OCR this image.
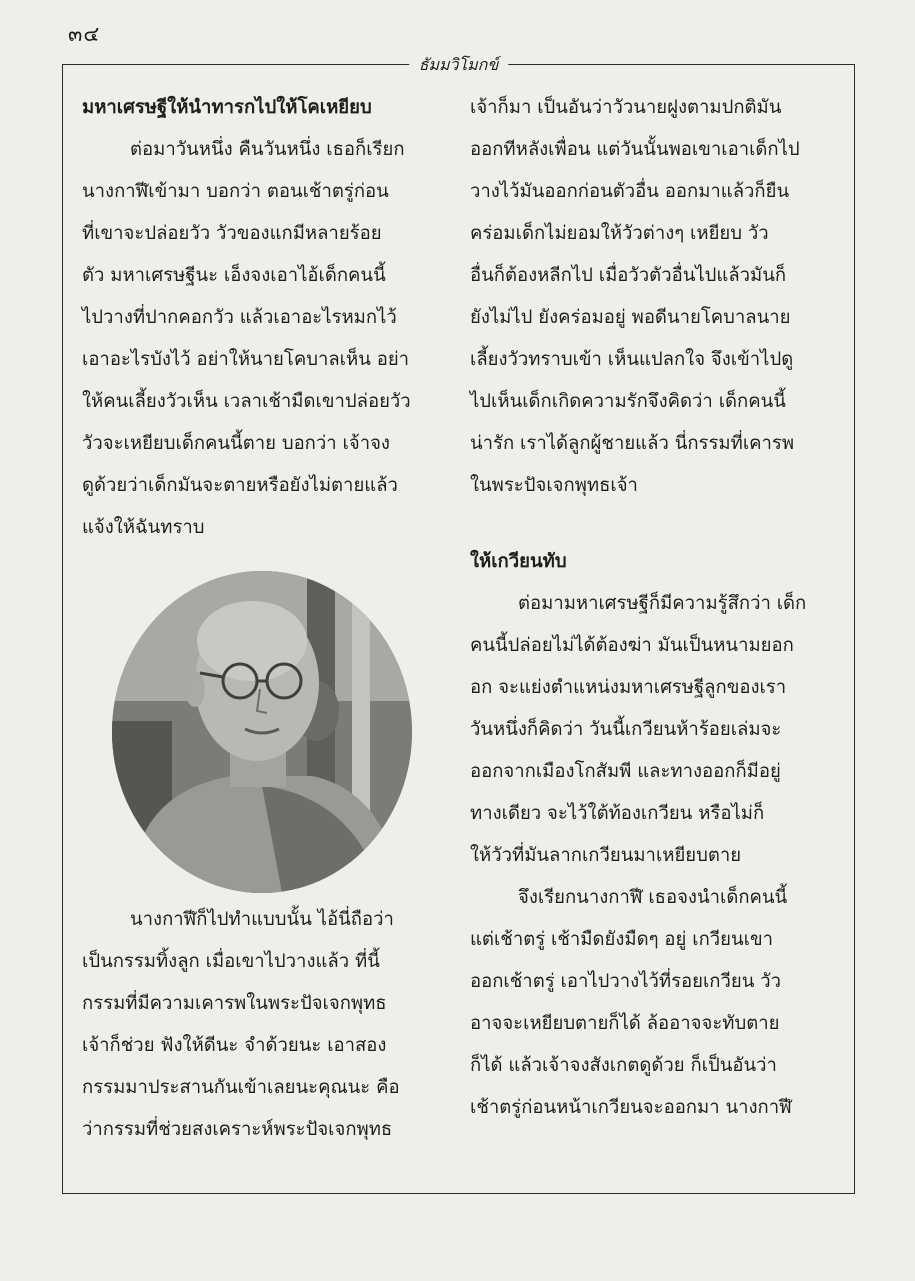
๓๔
ธัมมวิโมกข์

มหาเศรษฐีให้นำทารกไปให้โคเหยียบ

ต่อมาวันหนึ่ง คืนวันหนึ่ง เธอก็เรียก

นางกาฬีเข้ามา บอกว่า ตอนเช้าตรู่ก่อน

ที่เขาจะปล่อยวัว วัวของแกมีหลายร้อย

ตัว มหาเศรษฐีนะ เอ็งจงเอาไอ้เด็กคนนี้

ไปวางที่ปากคอกวัว แล้วเอาอะไรหมกไว้

เอาอะไรบังไว้ อย่าให้นายโคบาลเห็น อย่า

ให้คนเลี้ยงวัวเห็น เวลาเช้ามืดเขาปล่อยวัว

วัวจะเหยียบเด็กคนนี้ตาย บอกว่า เจ้าจง

ดูด้วยว่าเด็กมันจะตายหรือยังไม่ตายแล้ว

แจ้งให้ฉันทราบ

นางกาฬีก็ไปทำแบบนั้น ไอ้นี่ถือว่า

เป็นกรรมทิ้งลูก เมื่อเขาไปวางแล้ว ที่นี้

กรรมที่มีความเคารพในพระปัจเจกพุทธ

เจ้าก็ช่วย ฟังให้ดีนะ จำด้วยนะ เอาสอง

กรรมมาประสานกันเข้าเลยนะคุณนะ คือ

ว่ากรรมที่ช่วยสงเคราะห์พระปัจเจกพุทธ

เจ้าก็มา เป็นอันว่าวัวนายฝูงตามปกติมัน

ออกทีหลังเพื่อน แต่วันนั้นพอเขาเอาเด็กไป

วางไว้มันออกก่อนตัวอื่น ออกมาแล้วก็ยืน

คร่อมเด็กไม่ยอมให้วัวต่างๆ เหยียบ วัว

อื่นก็ต้องหลีกไป เมื่อวัวตัวอื่นไปแล้วมันก็

ยังไม่ไป ยังคร่อมอยู่ พอดีนายโคบาลนาย

เลี้ยงวัวทราบเข้า เห็นแปลกใจ จึงเข้าไปดู

ไปเห็นเด็กเกิดความรักจึงคิดว่า เด็กคนนี้

น่ารัก เราได้ลูกผู้ชายแล้ว นี่กรรมที่เคารพ

ในพระปัจเจกพุทธเจ้า

ให้เกวียนทับ

ต่อมามหาเศรษฐีก็มีความรู้สึกว่า เด็ก

คนนี้ปล่อยไม่ได้ต้องฆ่า มันเป็นหนามยอก

อก จะแย่งตำแหน่งมหาเศรษฐีลูกของเรา

วันหนึ่งก็คิดว่า วันนี้เกวียนห้าร้อยเล่มจะ

ออกจากเมืองโกสัมพี และทางออกก็มีอยู่

ทางเดียว จะไว้ใต้ท้องเกวียน หรือไม่ก็

ให้วัวที่มันลากเกวียนมาเหยียบตาย

จึงเรียกนางกาฬี เธอจงนำเด็กคนนี้

แต่เช้าตรู่ เช้ามืดยังมืดๆ อยู่ เกวียนเขา

ออกเช้าตรู่ เอาไปวางไว้ที่รอยเกวียน วัว

อาจจะเหยียบตายก็ได้ ล้ออาจจะทับตาย

ก็ได้ แล้วเจ้าจงสังเกตดูด้วย ก็เป็นอันว่า

เช้าตรู่ก่อนหน้าเกวียนจะออกมา นางกาฬี
